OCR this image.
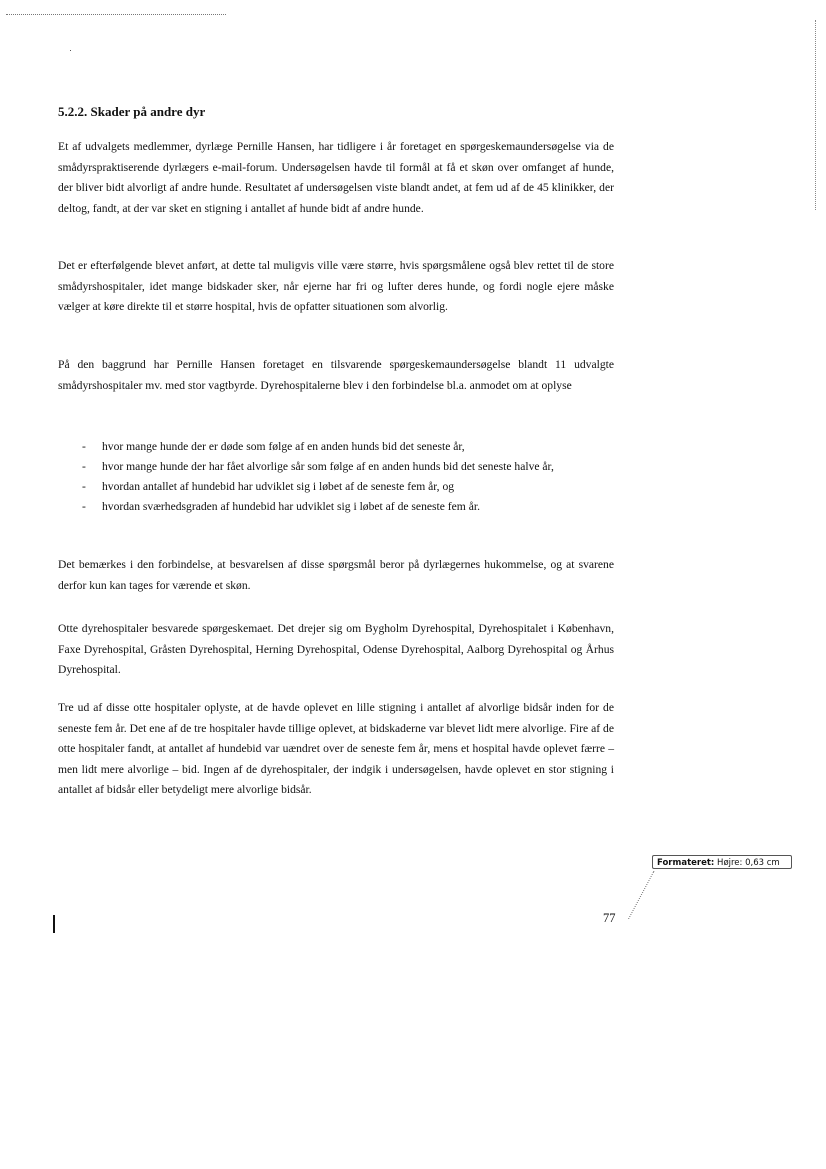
5.2.2. Skader på andre dyr

Et af udvalgets medlemmer, dyrlæge Pernille Hansen, har tidligere i år foretaget en spørgeskemaundersøgelse via de smådyrspraktiserende dyrlægers e-mail-forum. Undersøgelsen havde til formål at få et skøn over omfanget af hunde, der bliver bidt alvorligt af andre hunde. Resultatet af undersøgelsen viste blandt andet, at fem ud af de 45 klinikker, der deltog, fandt, at der var sket en stigning i antallet af hunde bidt af andre hunde.

Det er efterfølgende blevet anført, at dette tal muligvis ville være større, hvis spørgsmålene også blev rettet til de store smådyrshospitaler, idet mange bidskader sker, når ejerne har fri og lufter deres hunde, og fordi nogle ejere måske vælger at køre direkte til et større hospital, hvis de opfatter situationen som alvorlig.

På den baggrund har Pernille Hansen foretaget en tilsvarende spørgeskemaundersøgelse blandt 11 udvalgte smådyrshospitaler mv. med stor vagtbyrde. Dyrehospitalerne blev i den forbindelse bl.a. anmodet om at oplyse

- hvor mange hunde der er døde som følge af en anden hunds bid det seneste år,
- hvor mange hunde der har fået alvorlige sår som følge af en anden hunds bid det seneste halve år,
- hvordan antallet af hundebid har udviklet sig i løbet af de seneste fem år, og
- hvordan sværhedsgraden af hundebid har udviklet sig i løbet af de seneste fem år.

Det bemærkes i den forbindelse, at besvarelsen af disse spørgsmål beror på dyrlægernes hukommelse, og at svarene derfor kun kan tages for værende et skøn.

Otte dyrehospitaler besvarede spørgeskemaet. Det drejer sig om Bygholm Dyrehospital, Dyrehospitalet i København, Faxe Dyrehospital, Gråsten Dyrehospital, Herning Dyrehospital, Odense Dyrehospital, Aalborg Dyrehospital og Århus Dyrehospital.

Tre ud af disse otte hospitaler oplyste, at de havde oplevet en lille stigning i antallet af alvorlige bidsår inden for de seneste fem år. Det ene af de tre hospitaler havde tillige oplevet, at bidskaderne var blevet lidt mere alvorlige. Fire af de otte hospitaler fandt, at antallet af hundebid var uændret over de seneste fem år, mens et hospital havde oplevet færre – men lidt mere alvorlige – bid. Ingen af de dyrehospitaler, der indgik i undersøgelsen, havde oplevet en stor stigning i antallet af bidsår eller betydeligt mere alvorlige bidsår.

Formateret: Højre: 0,63 cm
77
